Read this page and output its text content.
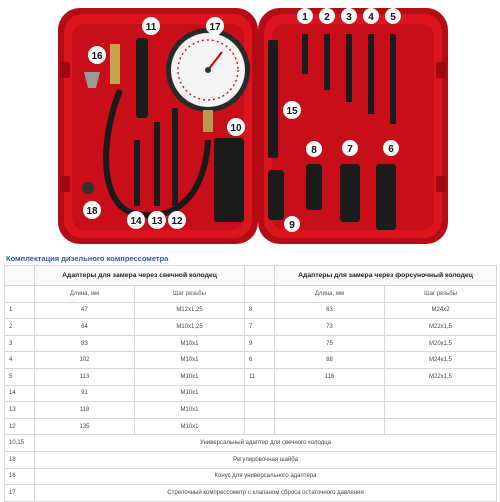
1 2 3 4 5
6
7
8
9
10
11
12
13
14
15
16
17
18
Комплектация дизельного компрессометра
	Адаптеры для замера через свечной колодец			Адаптеры для замера через форсуночный колодец	
	Длина, мм	Шаг резьбы		Длина, мм	Шаг резьбы
1	47	M12x1,25	8	63	M24x2
2	64	M10x1,25	7	73	M22x1,5
3	83	M10x1	9	75	M20x1,5
4	102	M10x1	6	88	M24x1,5
5	113	M10x1	11	118	M22x1,5
14	91	M10x1			
13	119	M10x1			
12	135	M10x1			
10,15	Универсальный адаптер для свечного колодца				
18	Регулировочная шайба				
16	Конус для универсального адаптера				
17	Стрелочный компрессометр с клапаном сброса остаточного давления				
